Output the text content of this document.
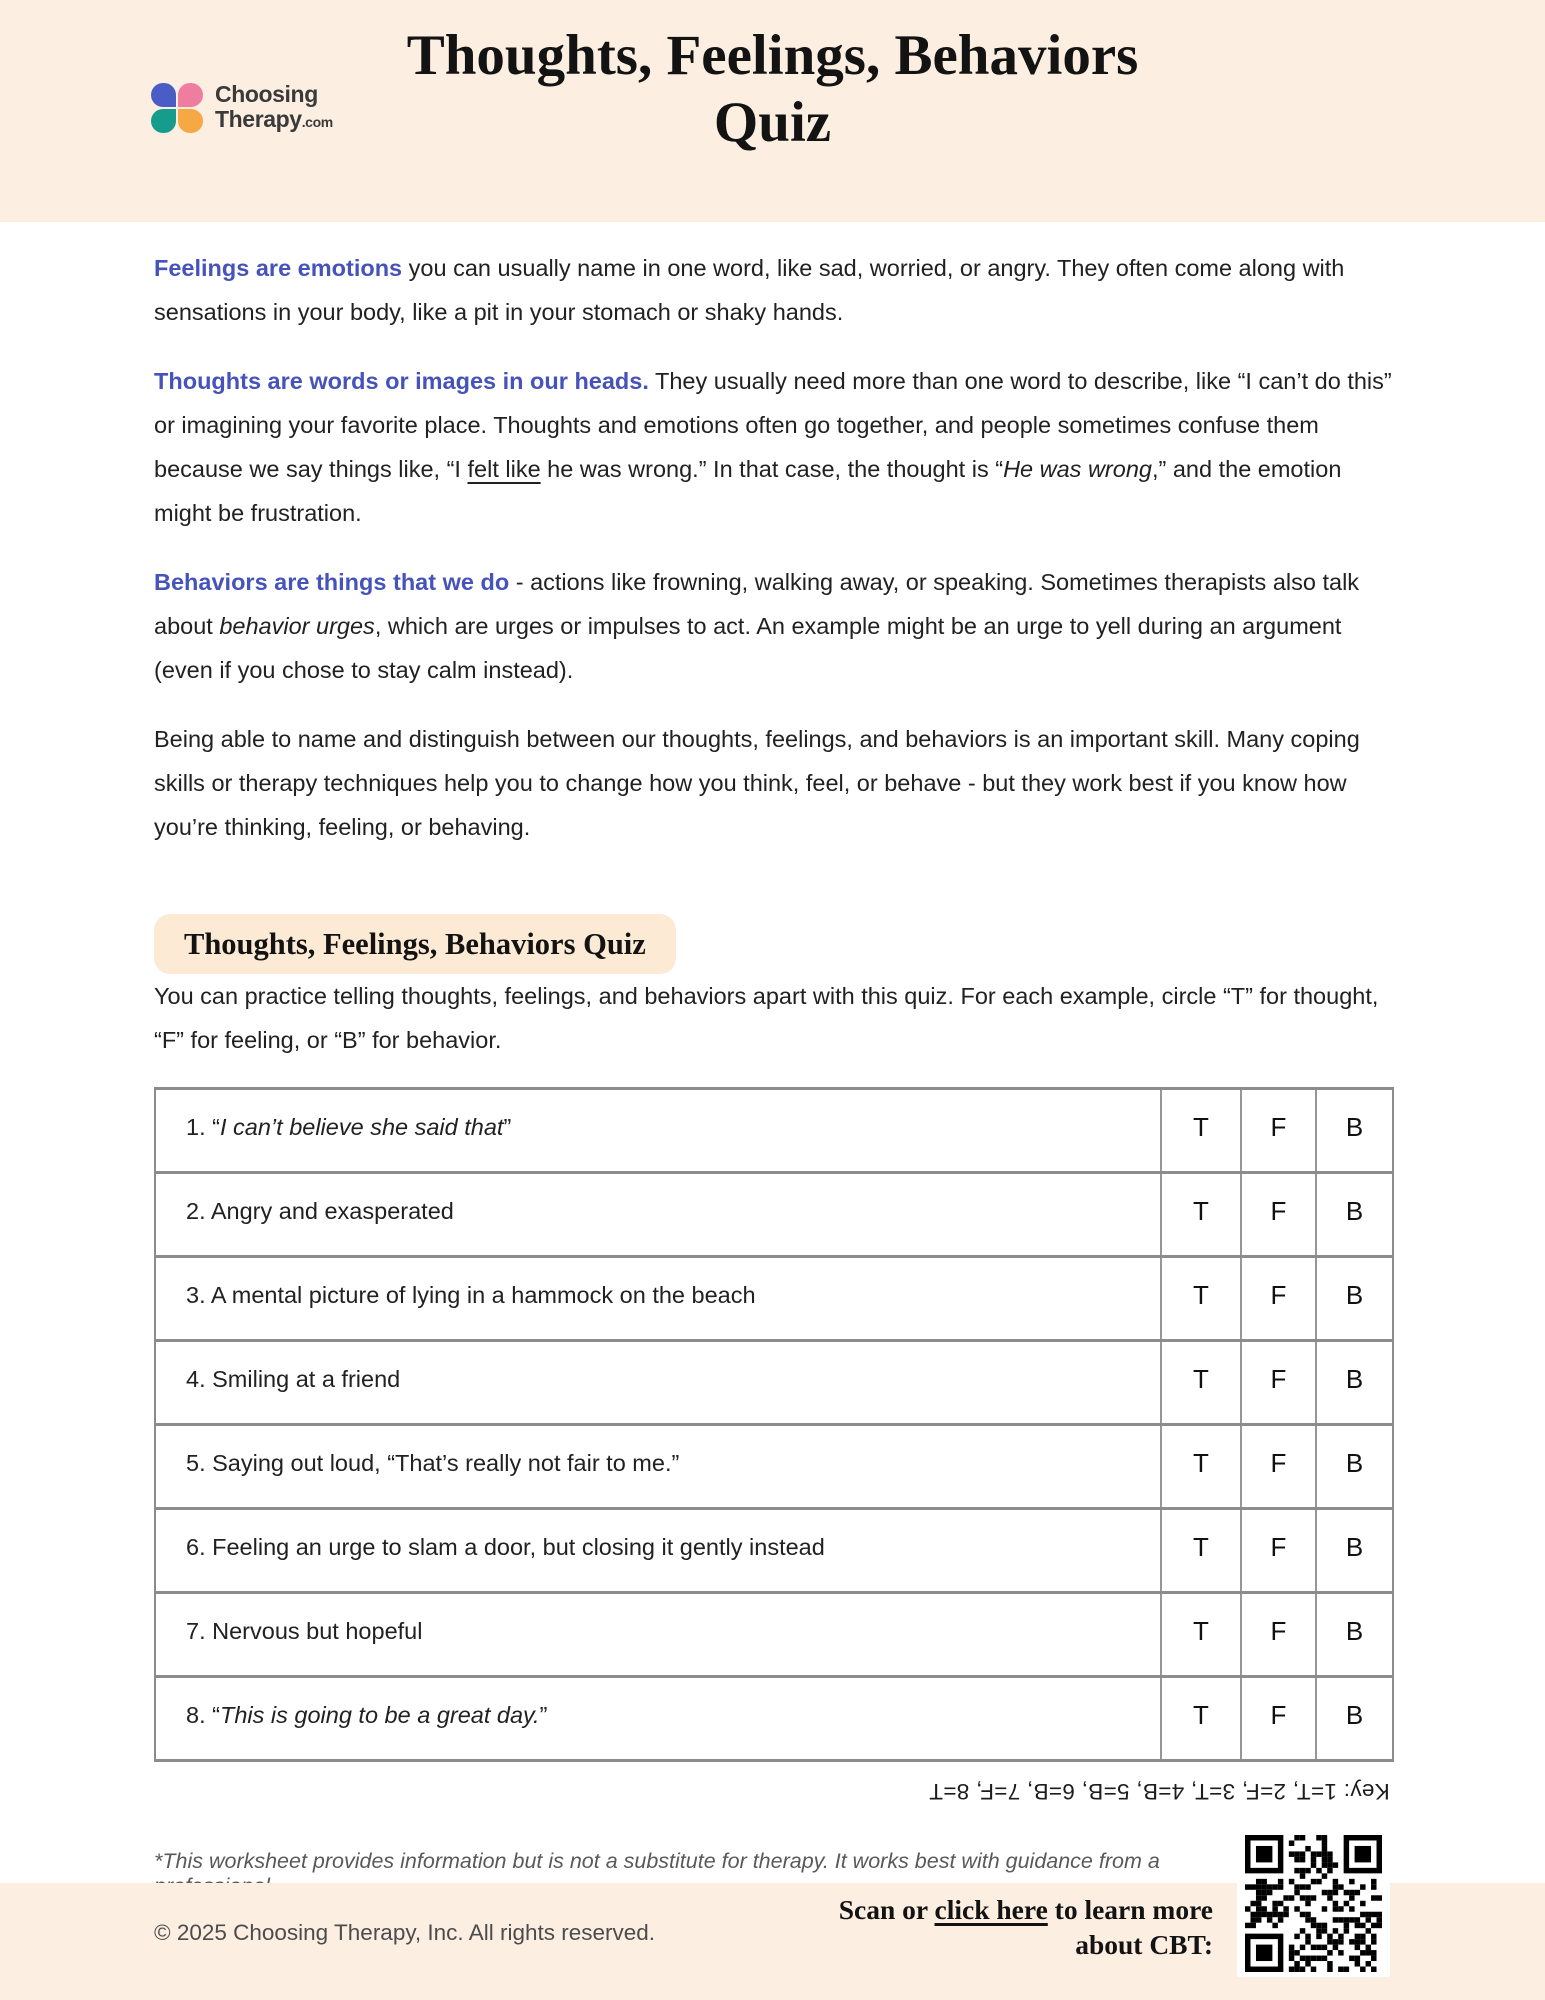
Choosing
Therapy.com
Thoughts, Feelings, Behaviors
Quiz

Feelings are emotions you can usually name in one word, like sad, worried, or angry. They often come along with sensations in your body, like a pit in your stomach or shaky hands.

Thoughts are words or images in our heads. They usually need more than one word to describe, like “I can’t do this” or imagining your favorite place. Thoughts and emotions often go together, and people sometimes confuse them because we say things like, “I felt like he was wrong.” In that case, the thought is “He was wrong,” and the emotion might be frustration.

Behaviors are things that we do - actions like frowning, walking away, or speaking. Sometimes therapists also talk about behavior urges, which are urges or impulses to act. An example might be an urge to yell during an argument (even if you chose to stay calm instead).

Being able to name and distinguish between our thoughts, feelings, and behaviors is an important skill. Many coping skills or therapy techniques help you to change how you think, feel, or behave - but they work best if you know how you’re thinking, feeling, or behaving.

Thoughts, Feelings, Behaviors Quiz

You can practice telling thoughts, feelings, and behaviors apart with this quiz. For each example, circle “T” for thought, “F” for feeling, or “B” for behavior.

1. “I can’t believe she said that”	T	F	B
2. Angry and exasperated	T	F	B
3. A mental picture of lying in a hammock on the beach	T	F	B
4. Smiling at a friend	T	F	B
5. Saying out loud, “That’s really not fair to me.”	T	F	B
6. Feeling an urge to slam a door, but closing it gently instead	T	F	B
7. Nervous but hopeful	T	F	B
8. “This is going to be a great day.”	T	F	B
Key: 1=T, 2=F, 3=T, 4=B, 5=B, 6=B, 7=F, 8=T
*This worksheet provides information but is not a substitute for therapy. It works best with guidance from a
© 2025 Choosing Therapy, Inc. All rights reserved.
Scan or click here to learn more
about CBT:
